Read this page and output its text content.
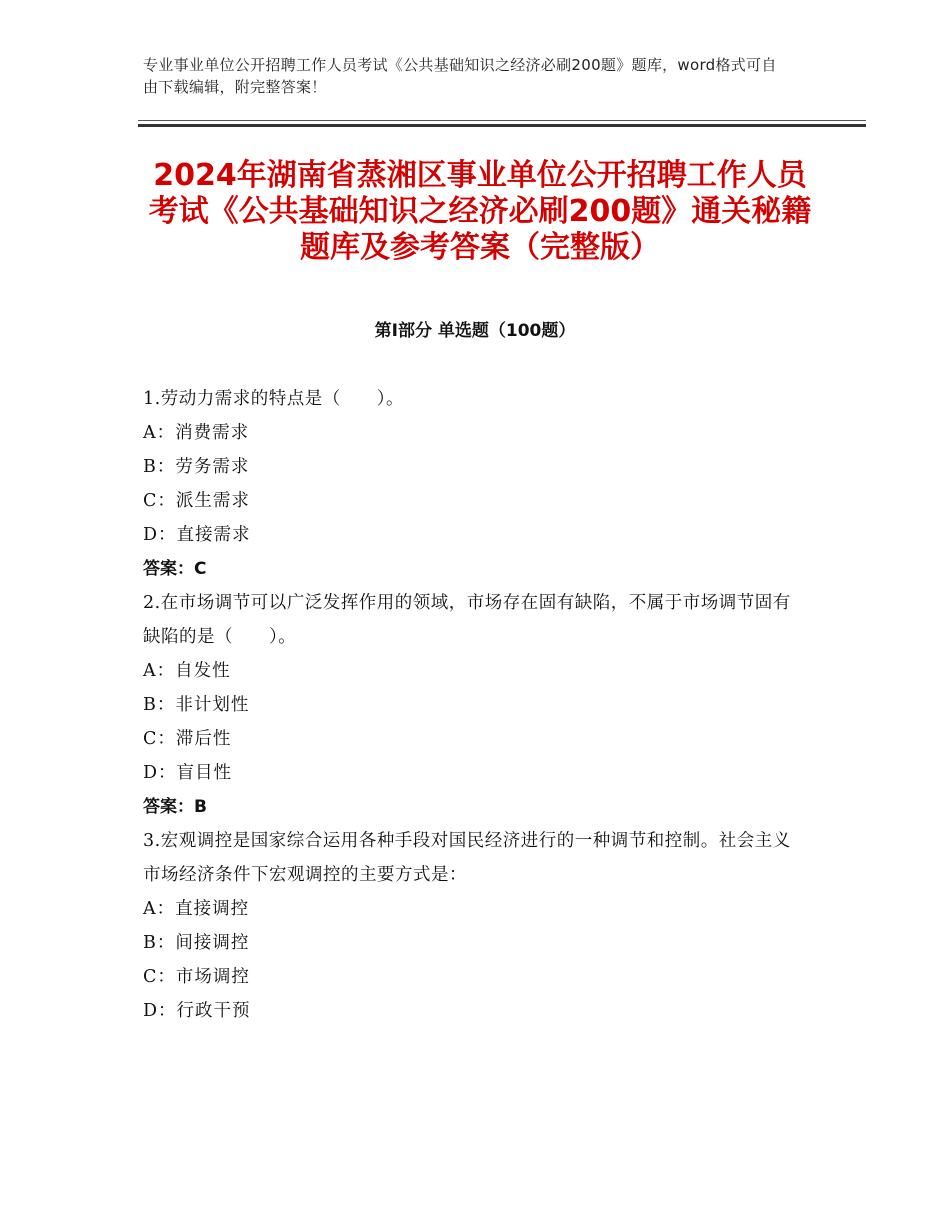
专业事业单位公开招聘工作人员考试《公共基础知识之经济必刷200题》题库，word格式可自由下载编辑，附完整答案！
2024年湖南省蒸湘区事业单位公开招聘工作人员考试《公共基础知识之经济必刷200题》通关秘籍题库及参考答案（完整版）
第Ⅰ部分 单选题（100题）
1.劳动力需求的特点是（　　）。
A：消费需求
B：劳务需求
C：派生需求
D：直接需求
答案：C
2.在市场调节可以广泛发挥作用的领域，市场存在固有缺陷，不属于市场调节固有缺陷的是（　　）。
A：自发性
B：非计划性
C：滞后性
D：盲目性
答案：B
3.宏观调控是国家综合运用各种手段对国民经济进行的一种调节和控制。社会主义市场经济条件下宏观调控的主要方式是：
A：直接调控
B：间接调控
C：市场调控
D：行政干预
